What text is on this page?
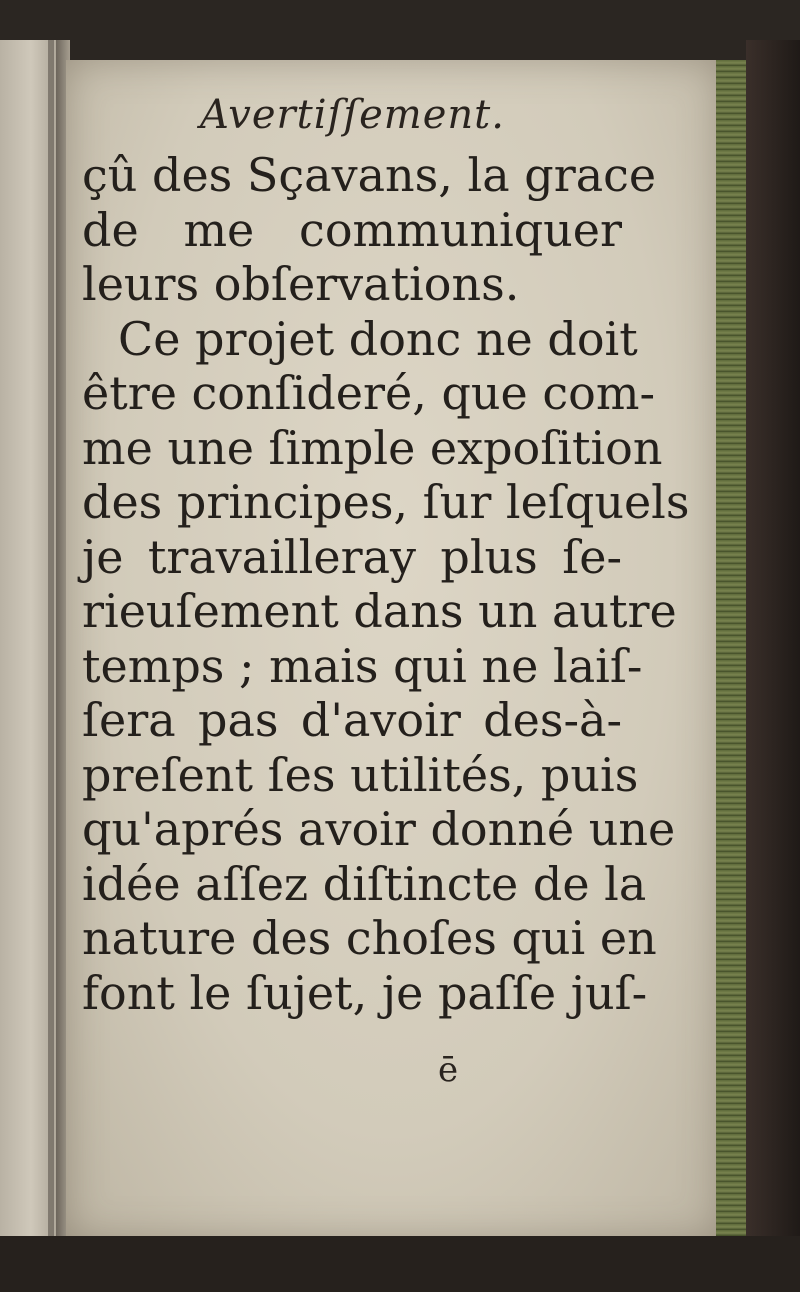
Avertiſſement.
çû des Sçavans, la grace
de me communiquer
leurs obſervations.
Ce projet donc ne doit
être conſideré, que com-
me une ſimple expoſition
des principes, ſur leſquels
je travailleray plus ſe-
rieuſement dans un autre
temps ; mais qui ne laiſ-
ſera pas d'avoir des-à-
preſent ſes utilités, puis
qu'aprés avoir donné une
idée aſſez diſtincte de la
nature des choſes qui en
font le ſujet, je paſſe juſ-
ē
